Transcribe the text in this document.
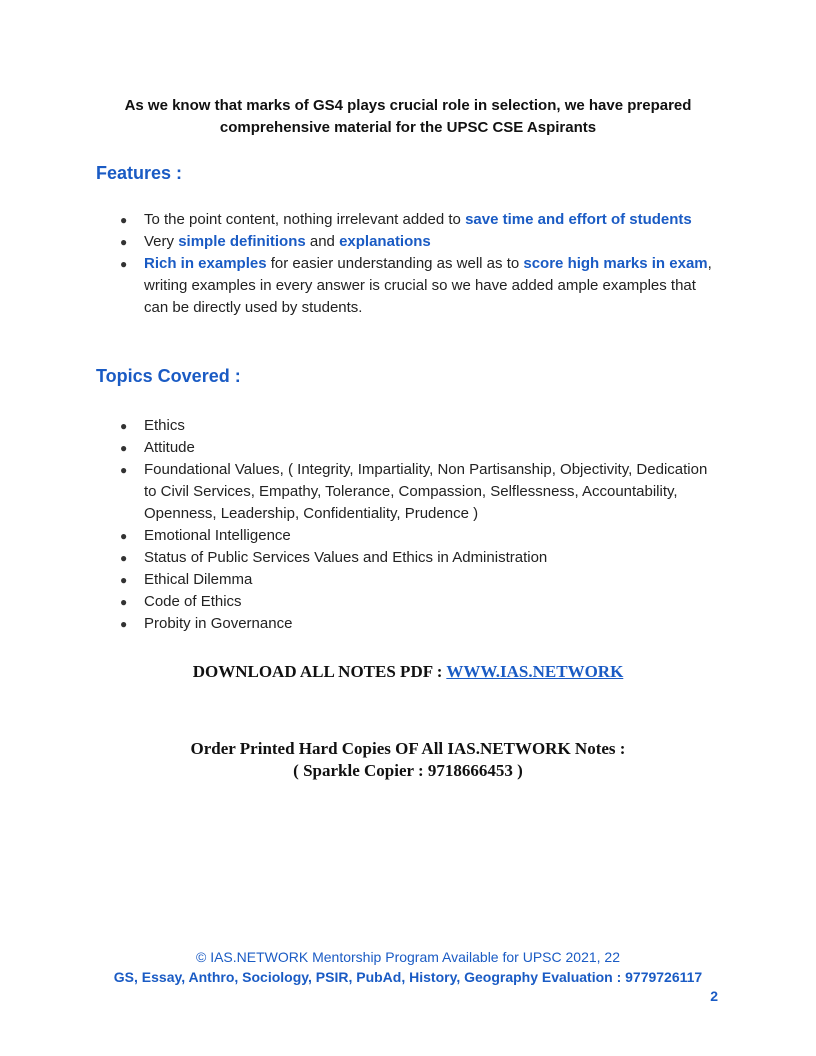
As we know that marks of GS4 plays crucial role in selection, we have prepared
comprehensive material for the UPSC CSE Aspirants
Features :
● To the point content, nothing irrelevant added to save time and effort of students
● Very simple definitions and explanations
● Rich in examples for easier understanding as well as to score high marks in exam, writing examples in every answer is crucial so we have added ample examples that can be directly used by students.
Topics Covered :
● Ethics
● Attitude
● Foundational Values, ( Integrity, Impartiality, Non Partisanship, Objectivity, Dedication to Civil Services, Empathy, Tolerance, Compassion, Selflessness, Accountability, Openness, Leadership, Confidentiality, Prudence )
● Emotional Intelligence
● Status of Public Services Values and Ethics in Administration
● Ethical Dilemma
● Code of Ethics
● Probity in Governance
DOWNLOAD ALL NOTES PDF : WWW.IAS.NETWORK
Order Printed Hard Copies OF All IAS.NETWORK Notes :
( Sparkle Copier : 9718666453 )
© IAS.NETWORK Mentorship Program Available for UPSC 2021, 22
GS, Essay, Anthro, Sociology, PSIR, PubAd, History, Geography Evaluation : 9779726117
2
